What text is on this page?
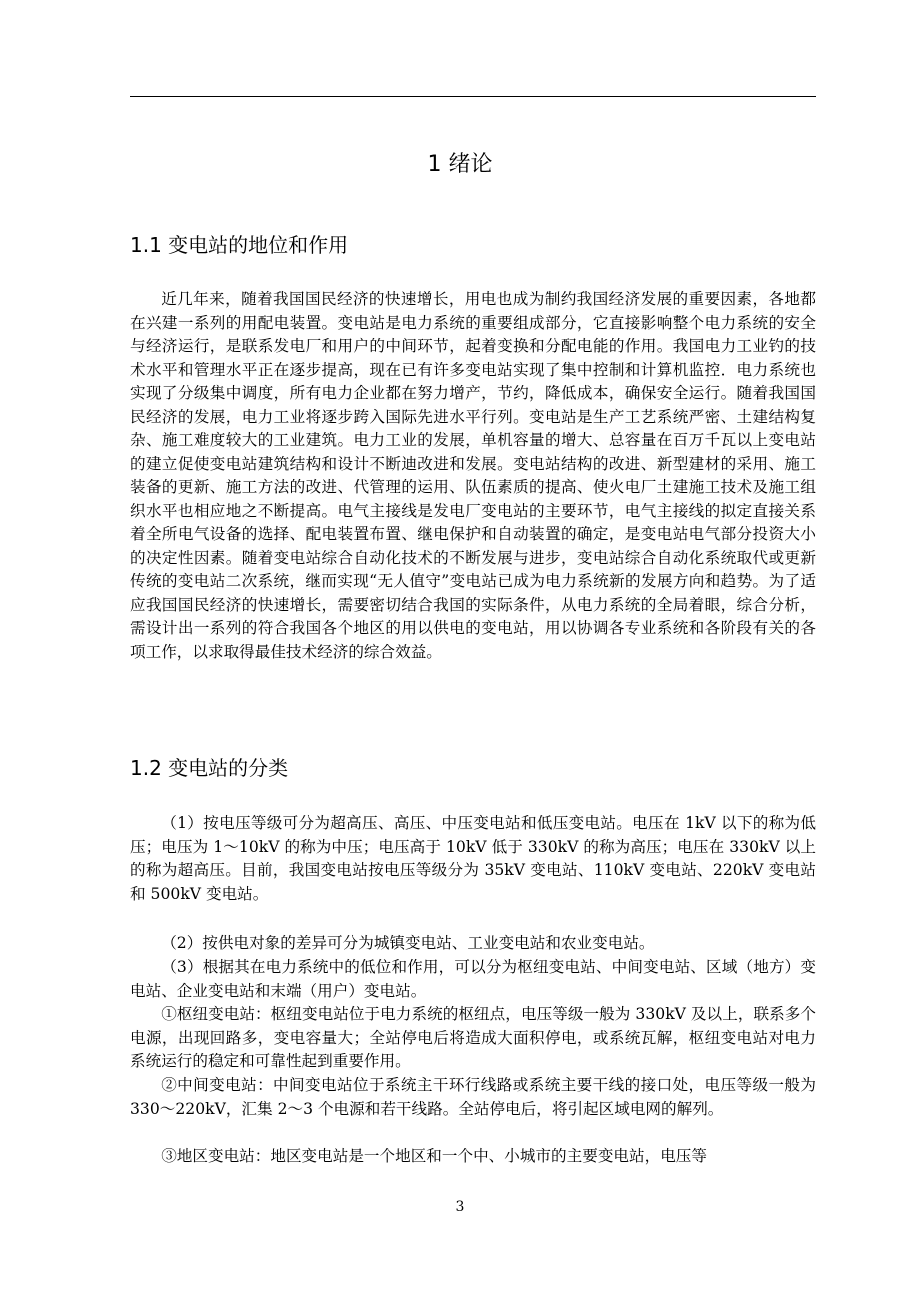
1 绪论
1.1 变电站的地位和作用

近几年来，随着我国国民经济的快速增长，用电也成为制约我国经济发展的重要因素，各地都在兴建一系列的用配电装置。变电站是电力系统的重要组成部分，它直接影响整个电力系统的安全与经济运行，是联系发电厂和用户的中间环节，起着变换和分配电能的作用。我国电力工业钓的技术水平和管理水平正在逐步提高，现在已有许多变电站实现了集中控制和计算机监控．电力系统也实现了分级集中调度，所有电力企业都在努力增产，节约，降低成本，确保安全运行。随着我国国民经济的发展，电力工业将逐步跨入国际先进水平行列。变电站是生产工艺系统严密、土建结构复杂、施工难度较大的工业建筑。电力工业的发展，单机容量的增大、总容量在百万千瓦以上变电站的建立促使变电站建筑结构和设计不断迪改进和发展。变电站结构的改进、新型建材的采用、施工装备的更新、施工方法的改进、代管理的运用、队伍素质的提高、使火电厂土建施工技术及施工组织水平也相应地之不断提高。电气主接线是发电厂变电站的主要环节，电气主接线的拟定直接关系着全所电气设备的选择、配电装置布置、继电保护和自动装置的确定，是变电站电气部分投资大小的决定性因素。随着变电站综合自动化技术的不断发展与进步，变电站综合自动化系统取代或更新传统的变电站二次系统，继而实现“无人值守”变电站已成为电力系统新的发展方向和趋势。为了适应我国国民经济的快速增长，需要密切结合我国的实际条件，从电力系统的全局着眼，综合分析，需设计出一系列的符合我国各个地区的用以供电的变电站，用以协调各专业系统和各阶段有关的各项工作，以求取得最佳技术经济的综合效益。

1.2 变电站的分类

（1）按电压等级可分为超高压、高压、中压变电站和低压变电站。电压在 1kV 以下的称为低压；电压为 1～10kV 的称为中压；电压高于 10kV 低于 330kV 的称为高压；电压在 330kV 以上的称为超高压。目前，我国变电站按电压等级分为 35kV 变电站、110kV 变电站、220kV 变电站和 500kV 变电站。

（2）按供电对象的差异可分为城镇变电站、工业变电站和农业变电站。

（3）根据其在电力系统中的低位和作用，可以分为枢纽变电站、中间变电站、区域（地方）变电站、企业变电站和末端（用户）变电站。

①枢纽变电站：枢纽变电站位于电力系统的枢纽点，电压等级一般为 330kV 及以上，联系多个电源，出现回路多，变电容量大；全站停电后将造成大面积停电，或系统瓦解，枢纽变电站对电力系统运行的稳定和可靠性起到重要作用。

②中间变电站：中间变电站位于系统主干环行线路或系统主要干线的接口处，电压等级一般为 330～220kV，汇集 2～3 个电源和若干线路。全站停电后，将引起区域电网的解列。

③地区变电站：地区变电站是一个地区和一个中、小城市的主要变电站，电压等

3
